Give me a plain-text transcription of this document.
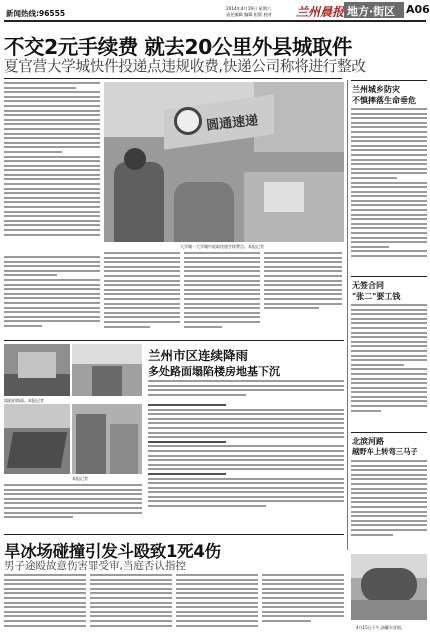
新闻热线:96555
2014年4月19日 星期六
责任编辑 编辑 组版 校对 兰州晨报 地方·街区 A06
不交2元手续费 就去20公里外县城取件
夏官营大学城快件投递点违规收费,快递公司称将进行整改
圆通速递
大学城一大学城中收取快递手续费点。本报记者
兰州城乡防灾
不慎摔落生命垂危
无签合同
"张二"要工钱
北滨河路
越野车上转弯三马子
4月15日下午,油罐车冒烟。
塌陷的路面。本报记者
本报记者
兰州市区连续降雨
多处路面塌陷楼房地基下沉
旱冰场碰撞引发斗殴致1死4伤
男子途殴故意伤害罪受审,当庭否认指控
